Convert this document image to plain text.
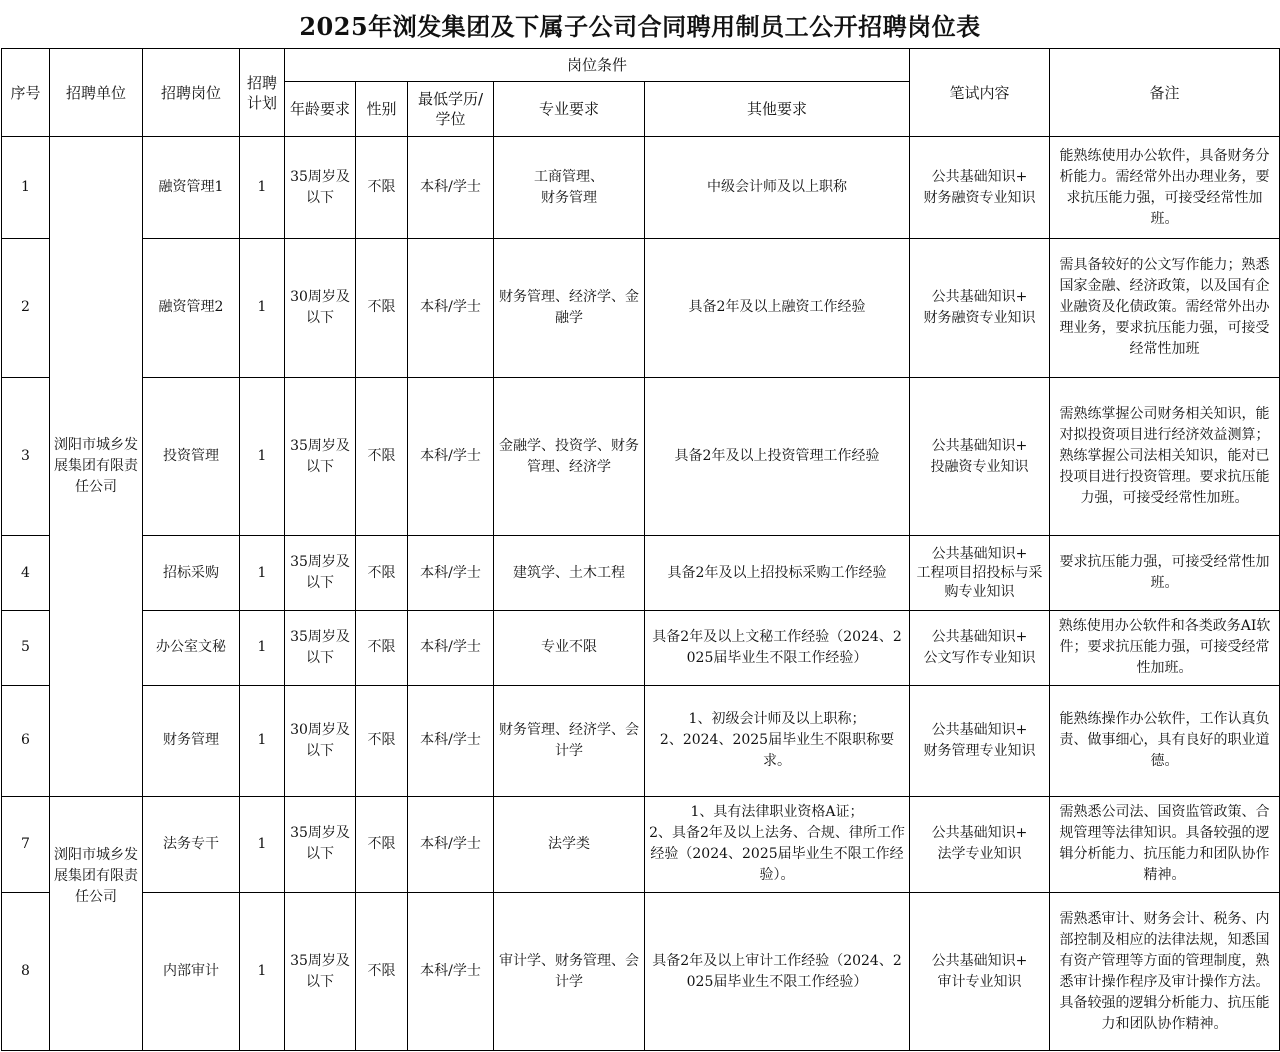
2025年浏发集团及下属子公司合同聘用制员工公开招聘岗位表
序号	招聘单位	招聘岗位	招聘计划	岗位条件					笔试内容	备注
				年龄要求	性别	最低学历/学位	专业要求	其他要求		
1	浏阳市城乡发展集团有限责任公司	融资管理1	1	35周岁及以下	不限	本科/学士	工商管理、
财务管理	中级会计师及以上职称	公共基础知识+
财务融资专业知识	能熟练使用办公软件，具备财务分析能力。需经常外出办理业务，要求抗压能力强，可接受经常性加班。
2		融资管理2	1	30周岁及以下	不限	本科/学士	财务管理、经济学、金融学	具备2年及以上融资工作经验	公共基础知识+
财务融资专业知识	需具备较好的公文写作能力；熟悉国家金融、经济政策，以及国有企业融资及化债政策。需经常外出办理业务，要求抗压能力强，可接受经常性加班
3		投资管理	1	35周岁及以下	不限	本科/学士	金融学、投资学、财务管理、经济学	具备2年及以上投资管理工作经验	公共基础知识+
投融资专业知识	需熟练掌握公司财务相关知识，能对拟投资项目进行经济效益测算；熟练掌握公司法相关知识，能对已投项目进行投资管理。要求抗压能力强，可接受经常性加班。
4		招标采购	1	35周岁及以下	不限	本科/学士	建筑学、土木工程	具备2年及以上招投标采购工作经验	公共基础知识+
工程项目招投标与采购专业知识	要求抗压能力强，可接受经常性加班。
5		办公室文秘	1	35周岁及以下	不限	本科/学士	专业不限	具备2年及以上文秘工作经验（2024、2025届毕业生不限工作经验）	公共基础知识+
公文写作专业知识	熟练使用办公软件和各类政务AI软件；要求抗压能力强，可接受经常性加班。
6		财务管理	1	30周岁及以下	不限	本科/学士	财务管理、经济学、会计学	1、初级会计师及以上职称；
2、2024、2025届毕业生不限职称要求。	公共基础知识+
财务管理专业知识	能熟练操作办公软件，工作认真负责、做事细心，具有良好的职业道德。
7	浏阳市城乡发展集团有限责任公司	法务专干	1	35周岁及以下	不限	本科/学士	法学类	1、具有法律职业资格A证；
2、具备2年及以上法务、合规、律所工作经验（2024、2025届毕业生不限工作经验）。	公共基础知识+
法学专业知识	需熟悉公司法、国资监管政策、合规管理等法律知识。具备较强的逻辑分析能力、抗压能力和团队协作精神。
8		内部审计	1	35周岁及以下	不限	本科/学士	审计学、财务管理、会计学	具备2年及以上审计工作经验（2024、2025届毕业生不限工作经验）	公共基础知识+
审计专业知识	需熟悉审计、财务会计、税务、内部控制及相应的法律法规，知悉国有资产管理等方面的管理制度，熟悉审计操作程序及审计操作方法。具备较强的逻辑分析能力、抗压能力和团队协作精神。
